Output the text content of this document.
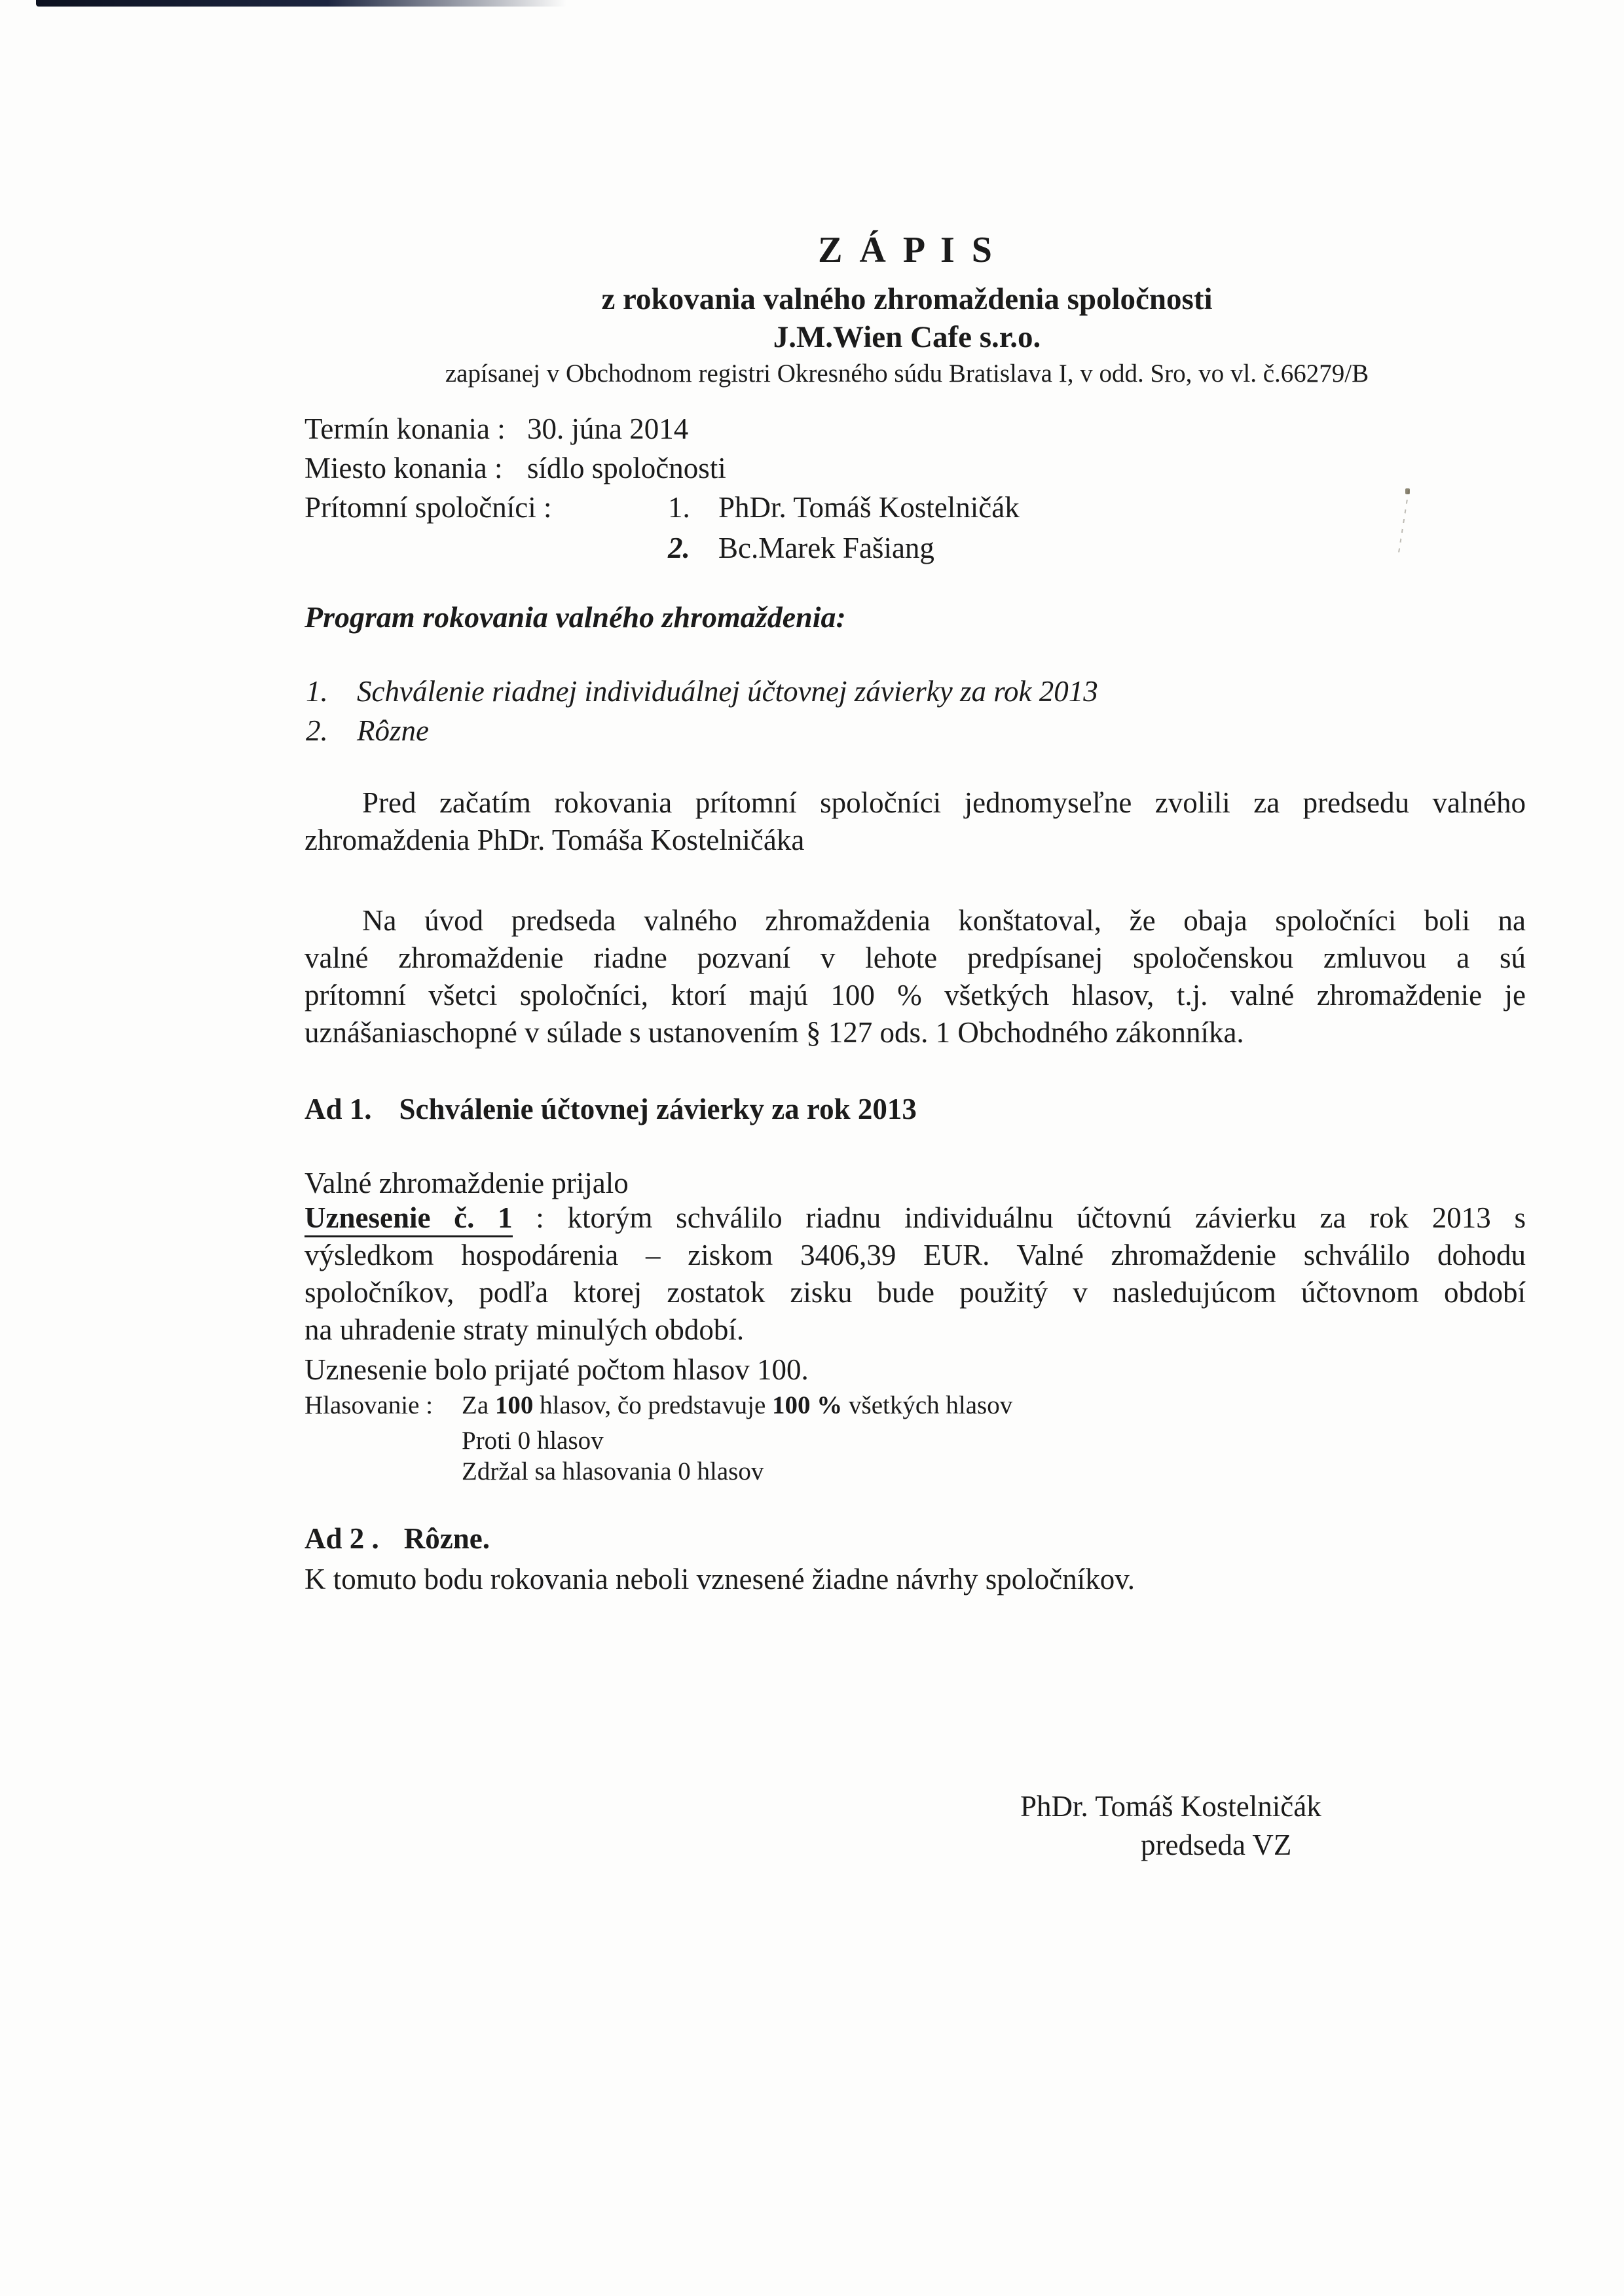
Z Á P I S
z rokovania valného zhromaždenia spoločnosti
J.M.Wien Cafe s.r.o.
zapísanej v Obchodnom registri Okresného súdu Bratislava I, v odd. Sro, vo vl. č.66279/B
Termín konania : 30. júna 2014
Miesto konania : sídlo spoločnosti
Prítomní spoločníci :	1. PhDr. Tomáš Kostelničák
2. Bc.Marek Fašiang
Program rokovania valného zhromaždenia:
1. Schválenie riadnej individuálnej účtovnej závierky za rok 2013
2. Rôzne
Pred začatím rokovania prítomní spoločníci jednomyseľne zvolili za predsedu valného
zhromaždenia PhDr. Tomáša Kostelničáka
Na úvod predseda valného zhromaždenia konštatoval, že obaja spoločníci boli na
valné zhromaždenie riadne pozvaní v lehote predpísanej spoločenskou zmluvou a sú
prítomní všetci spoločníci, ktorí majú 100 % všetkých hlasov, t.j. valné zhromaždenie je
uznášaniaschopné v súlade s ustanovením § 127 ods. 1 Obchodného zákonníka.
Ad 1. Schválenie účtovnej závierky za rok 2013
Valné zhromaždenie prijalo
Uznesenie č. 1 : ktorým schválilo riadnu individuálnu účtovnú závierku za rok 2013 s
výsledkom hospodárenia – ziskom 3406,39 EUR. Valné zhromaždenie schválilo dohodu
spoločníkov, podľa ktorej zostatok zisku bude použitý v nasledujúcom účtovnom období
na uhradenie straty minulých období.
Uznesenie bolo prijaté počtom hlasov 100.
Hlasovanie : Za 100 hlasov, čo predstavuje 100 % všetkých hlasov
Proti 0 hlasov
Zdržal sa hlasovania 0 hlasov
Ad 2 . Rôzne.
K tomuto bodu rokovania neboli vznesené žiadne návrhy spoločníkov.
PhDr. Tomáš Kostelničák
predseda VZ
